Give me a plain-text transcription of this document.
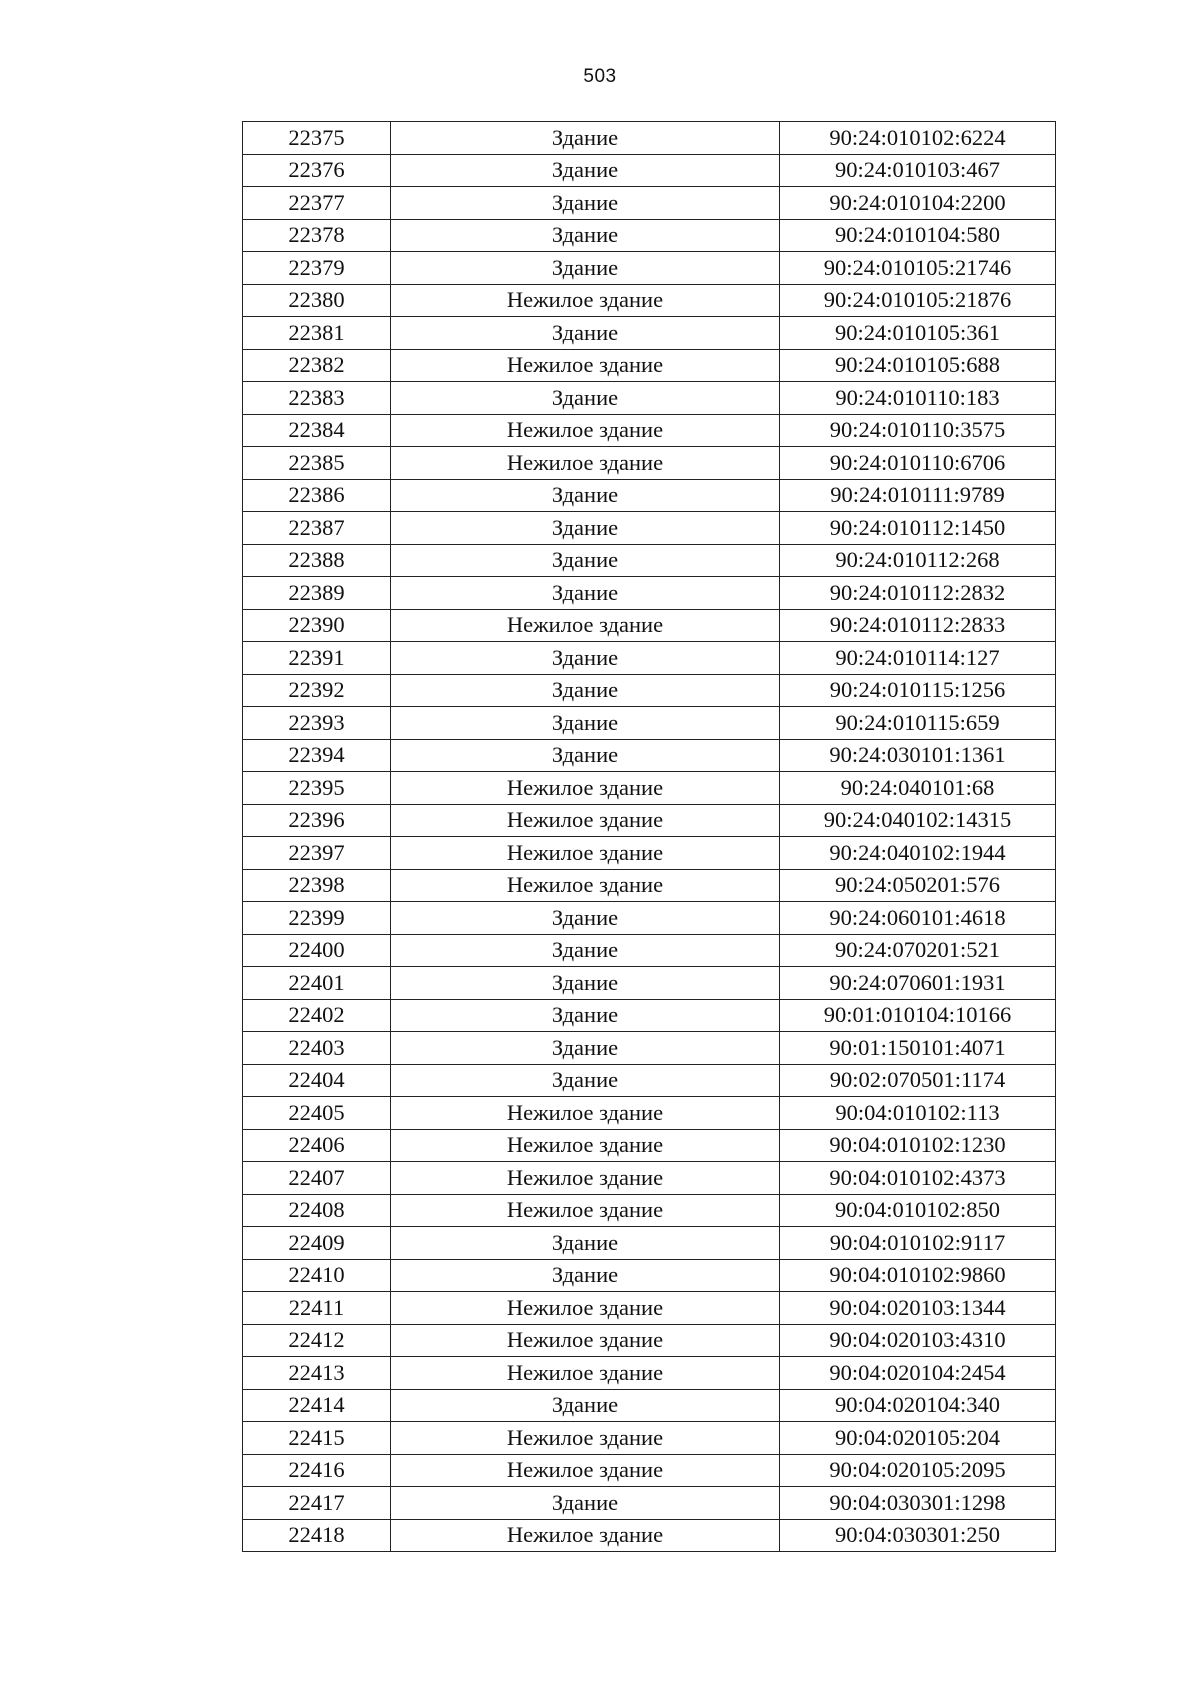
503
22375	Здание	90:24:010102:6224
22376	Здание	90:24:010103:467
22377	Здание	90:24:010104:2200
22378	Здание	90:24:010104:580
22379	Здание	90:24:010105:21746
22380	Нежилое здание	90:24:010105:21876
22381	Здание	90:24:010105:361
22382	Нежилое здание	90:24:010105:688
22383	Здание	90:24:010110:183
22384	Нежилое здание	90:24:010110:3575
22385	Нежилое здание	90:24:010110:6706
22386	Здание	90:24:010111:9789
22387	Здание	90:24:010112:1450
22388	Здание	90:24:010112:268
22389	Здание	90:24:010112:2832
22390	Нежилое здание	90:24:010112:2833
22391	Здание	90:24:010114:127
22392	Здание	90:24:010115:1256
22393	Здание	90:24:010115:659
22394	Здание	90:24:030101:1361
22395	Нежилое здание	90:24:040101:68
22396	Нежилое здание	90:24:040102:14315
22397	Нежилое здание	90:24:040102:1944
22398	Нежилое здание	90:24:050201:576
22399	Здание	90:24:060101:4618
22400	Здание	90:24:070201:521
22401	Здание	90:24:070601:1931
22402	Здание	90:01:010104:10166
22403	Здание	90:01:150101:4071
22404	Здание	90:02:070501:1174
22405	Нежилое здание	90:04:010102:113
22406	Нежилое здание	90:04:010102:1230
22407	Нежилое здание	90:04:010102:4373
22408	Нежилое здание	90:04:010102:850
22409	Здание	90:04:010102:9117
22410	Здание	90:04:010102:9860
22411	Нежилое здание	90:04:020103:1344
22412	Нежилое здание	90:04:020103:4310
22413	Нежилое здание	90:04:020104:2454
22414	Здание	90:04:020104:340
22415	Нежилое здание	90:04:020105:204
22416	Нежилое здание	90:04:020105:2095
22417	Здание	90:04:030301:1298
22418	Нежилое здание	90:04:030301:250
